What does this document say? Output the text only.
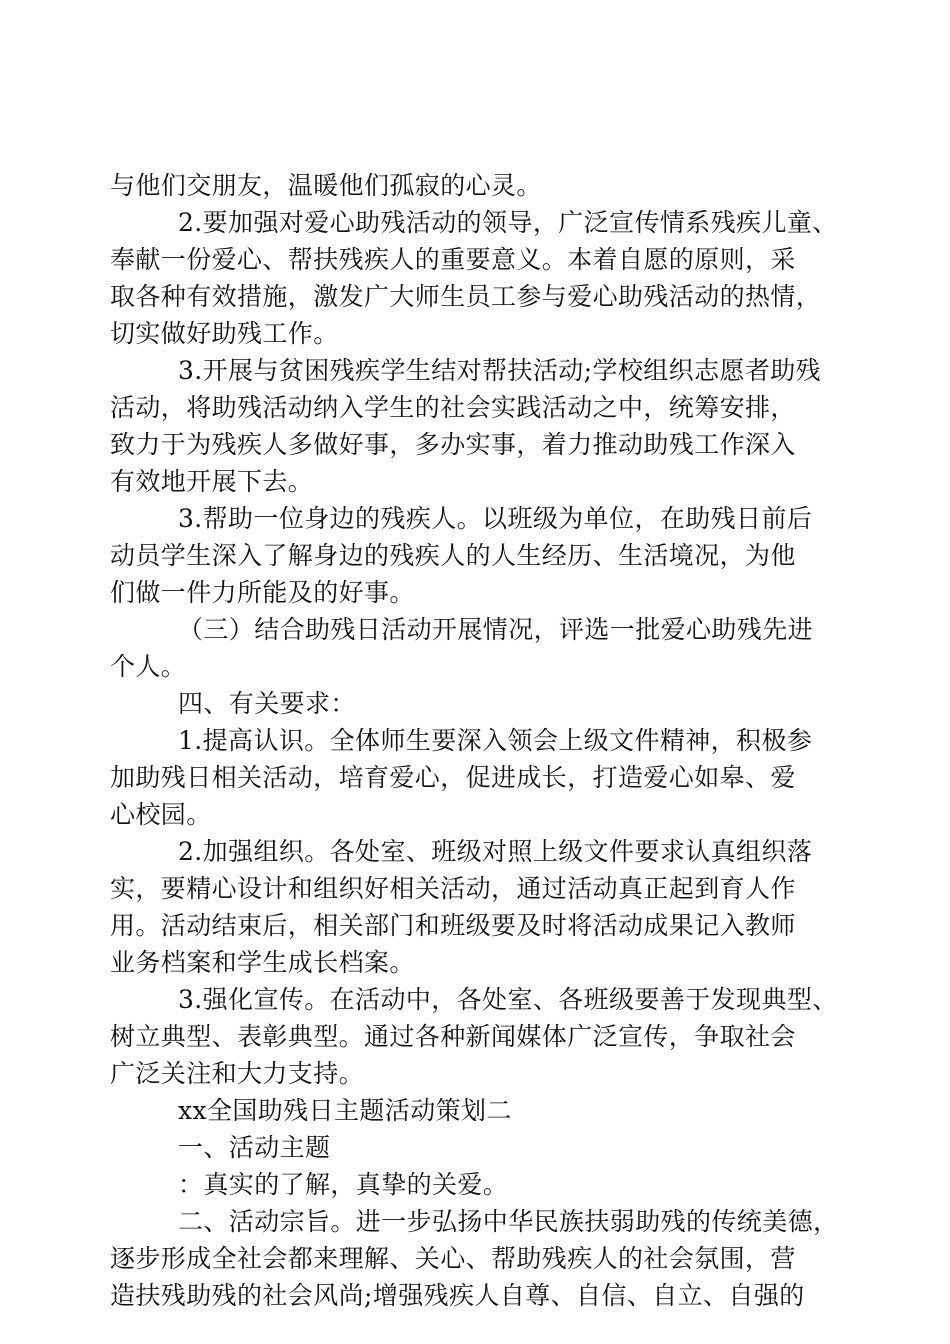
与他们交朋友，温暖他们孤寂的心灵。
2.要加强对爱心助残活动的领导，广泛宣传情系残疾儿童、
奉献一份爱心、帮扶残疾人的重要意义。本着自愿的原则，采
取各种有效措施，激发广大师生员工参与爱心助残活动的热情，
切实做好助残工作。
3.开展与贫困残疾学生结对帮扶活动;学校组织志愿者助残
活动，将助残活动纳入学生的社会实践活动之中，统筹安排，
致力于为残疾人多做好事，多办实事，着力推动助残工作深入
有效地开展下去。
3.帮助一位身边的残疾人。以班级为单位，在助残日前后
动员学生深入了解身边的残疾人的人生经历、生活境况，为他
们做一件力所能及的好事。
（三）结合助残日活动开展情况，评选一批爱心助残先进
个人。
四、有关要求：
1.提高认识。全体师生要深入领会上级文件精神，积极参
加助残日相关活动，培育爱心，促进成长，打造爱心如皋、爱
心校园。
2.加强组织。各处室、班级对照上级文件要求认真组织落
实，要精心设计和组织好相关活动，通过活动真正起到育人作
用。活动结束后，相关部门和班级要及时将活动成果记入教师
业务档案和学生成长档案。
3.强化宣传。在活动中，各处室、各班级要善于发现典型、
树立典型、表彰典型。通过各种新闻媒体广泛宣传，争取社会
广泛关注和大力支持。
xx全国助残日主题活动策划二
一、活动主题
：真实的了解，真挚的关爱。
二、活动宗旨。进一步弘扬中华民族扶弱助残的传统美德，
逐步形成全社会都来理解、关心、帮助残疾人的社会氛围，营
造扶残助残的社会风尚;增强残疾人自尊、自信、自立、自强的
